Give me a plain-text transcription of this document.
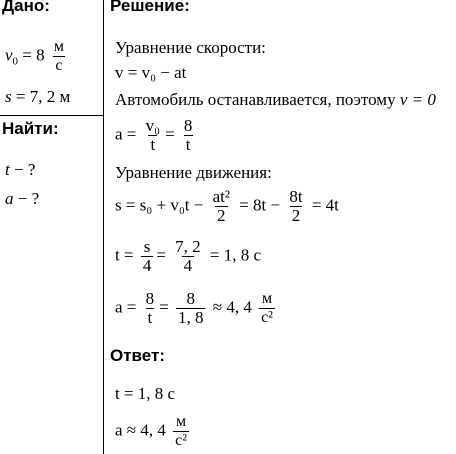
Дано:
$v_0 = 8 \frac{м}{с}$
s = 7, 2 м
Найти:
t − ?
a − ?
Решение:
Уравнение скорости:
v = v₀ − at
Автомобиль останавливается, поэтому v = 0
$a = \frac{\text{v₀}}{t} = \frac{8}{t}$
Уравнение движения:
$s = s_0 + v_0t - \frac{\text{at²}}{2} = 8t - \frac{8t}{2} = 4t$
$t = \frac{s}{4} = \frac{7, 2}{4} = 1$, 8 с
$a = \frac{8}{t} = \frac{8}{1, 8} \approx 4$, $4 \frac{м}{\text{с²}}$
Ответ:
t = 1, 8 с
a ≈ 4, $4 \frac{м}{\text{с²}}$
